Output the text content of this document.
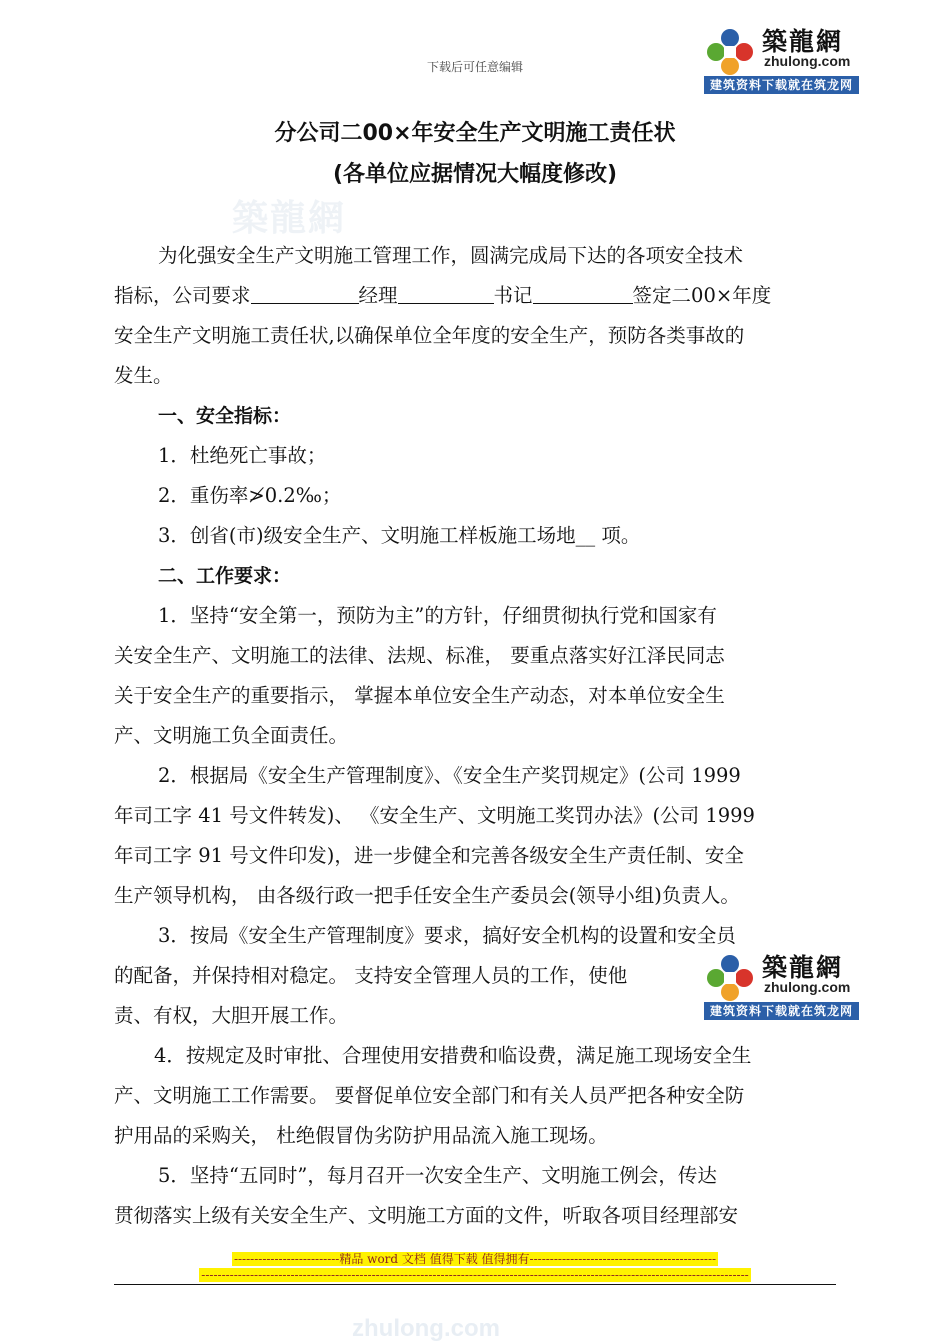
下载后可任意编辑
築龍網
zhulong.com
建筑资料下载就在筑龙网
分公司二00×年安全生产文明施工责任状
(各单位应据情况大幅度修改)
築龍網
为化强安全生产文明施工管理工作，圆满完成局下达的各项安全技术
指标，公司要求	经理	书记	签定二00×年度
安全生产文明施工责任状,以确保单位全年度的安全生产，预防各类事故的
发生。
一、安全指标：
1．杜绝死亡事故；
2．重伤率≯0.2‰；
3．创省(市)级安全生产、文明施工样板施工场地__ 项。
二、工作要求：
1．坚持“安全第一，预防为主”的方针，仔细贯彻执行党和国家有
关安全生产、文明施工的法律、法规、标准， 要重点落实好江泽民同志
关于安全生产的重要指示， 掌握本单位安全生产动态，对本单位安全生
产、文明施工负全面责任。
2．根据局《安全生产管理制度》、《安全生产奖罚规定》(公司 1999
年司工字 41 号文件转发)、 《安全生产、文明施工奖罚办法》(公司 1999
年司工字 91 号文件印发)，进一步健全和完善各级安全生产责任制、安全
生产领导机构， 由各级行政一把手任安全生产委员会(领导小组)负责人。
3．按局《安全生产管理制度》要求，搞好安全机构的设置和安全员
的配备，并保持相对稳定。 支持安全管理人员的工作，使他
责、有权，大胆开展工作。
4．按规定及时审批、合理使用安措费和临设费，满足施工现场安全生
产、文明施工工作需要。 要督促单位安全部门和有关人员严把各种安全防
护用品的采购关， 杜绝假冒伪劣防护用品流入施工现场。
5．坚持“五同时”，每月召开一次安全生产、文明施工例会，传达
贯彻落实上级有关安全生产、文明施工方面的文件，听取各项目经理部安
築龍網
zhulong.com
建筑资料下载就在筑龙网
--------------------------精品 word 文档 值得下载 值得拥有----------------------------------------------
---------------------------------------------------------------------------------------------------------------------------------------
zhulong.com
